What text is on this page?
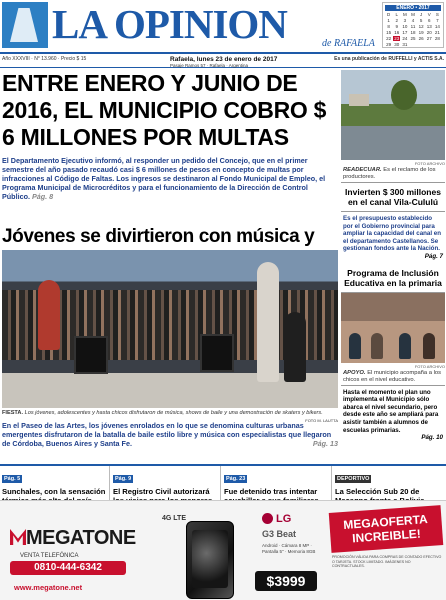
LA OPINION	de RAFAELA
ENERO • 2017
D	L	M M	J	V	S
1	2	3	4	5	6	7
8	9 10 11 12 13 14
15 16 17 18 19 20 21
22 23 24 25 26 27 28
29 30 31
Año XXXVIII · N° 13.960 · Precio $ 15	Rafaela, lunes 23 de enero de 2017
Pasaje Ramos 57 · Rafaela · Argentina
Es una publicación de RUFFELLI y ACTIS S.A.
ENTRE ENERO Y JUNIO DE 2016, EL MUNICIPIO COBRO $ 6 MILLONES POR MULTAS
El Departamento Ejecutivo informó, al responder un pedido del Concejo, que en el primer semestre del año pasado recaudó casi $ 6 millones de pesos en concepto de multas por infracciones al Código de Faltas. Los ingresos se destinaron al Fondo Municipal de Empleo, el Programa Municipal de Microcréditos y para el funcionamiento de la Dirección de Control Público. Pág. 8
FOTO ARCHIVO
READECUAR. Es el reclamo de los productores.
Invierten $ 300 millones en el canal Vila-Cululú
Es el presupuesto establecido por el Gobierno provincial para ampliar la capacidad del canal en el departamento Castellanos. Se gestionan fondos ante la Nación.
Pág. 7
Programa de Inclusión Educativa en la primaria
FOTO ARCHIVO
APOYO. El municipio acompaña a los chicos en el nivel educativo.
Hasta el momento el plan uno implementa el Municipio sólo abarca el nivel secundario, pero desde este año se ampliará para asistir también a alumnos de escuelas primarias.
Pág. 10
Jóvenes se divirtieron con música y
FIESTA. Los jóvenes, adolescentes y hasta chicos disfrutaron de música, shows de baile y una demostración de skaters y bikers.
FOTO M. LAUTTA
En el Paseo de las Artes, los jóvenes enrolados en lo que se denomina culturas urbanas emergentes disfrutaron de la batalla de baile estilo libre y música con especialistas que llegaron de Córdoba, Buenos Aires y Santa Fe.	Pág. 13
Pág. 5
Sunchales, con la sensación
Pág. 9
El Registro Civil autorizará
Pág. 23
Fue detenido tras intentar
DEPORTIVO
La Selección Sub 20 de
MEGATONE
VENTA TELEFÓNICA
0810-444-6342
www.megatone.net
4G LTE	LG
G3 Beat
Android · Cámara 8 MP · Pantalla 5" · Memoria 8GB
$3999
MEGAOFERTA INCREIBLE!
PROMOCIÓN VÁLIDA PARA COMPRAS DE CONTADO EFECTIVO O TARJETA. STOCK LIMITADO. IMÁGENES NO CONTRACTUALES.
